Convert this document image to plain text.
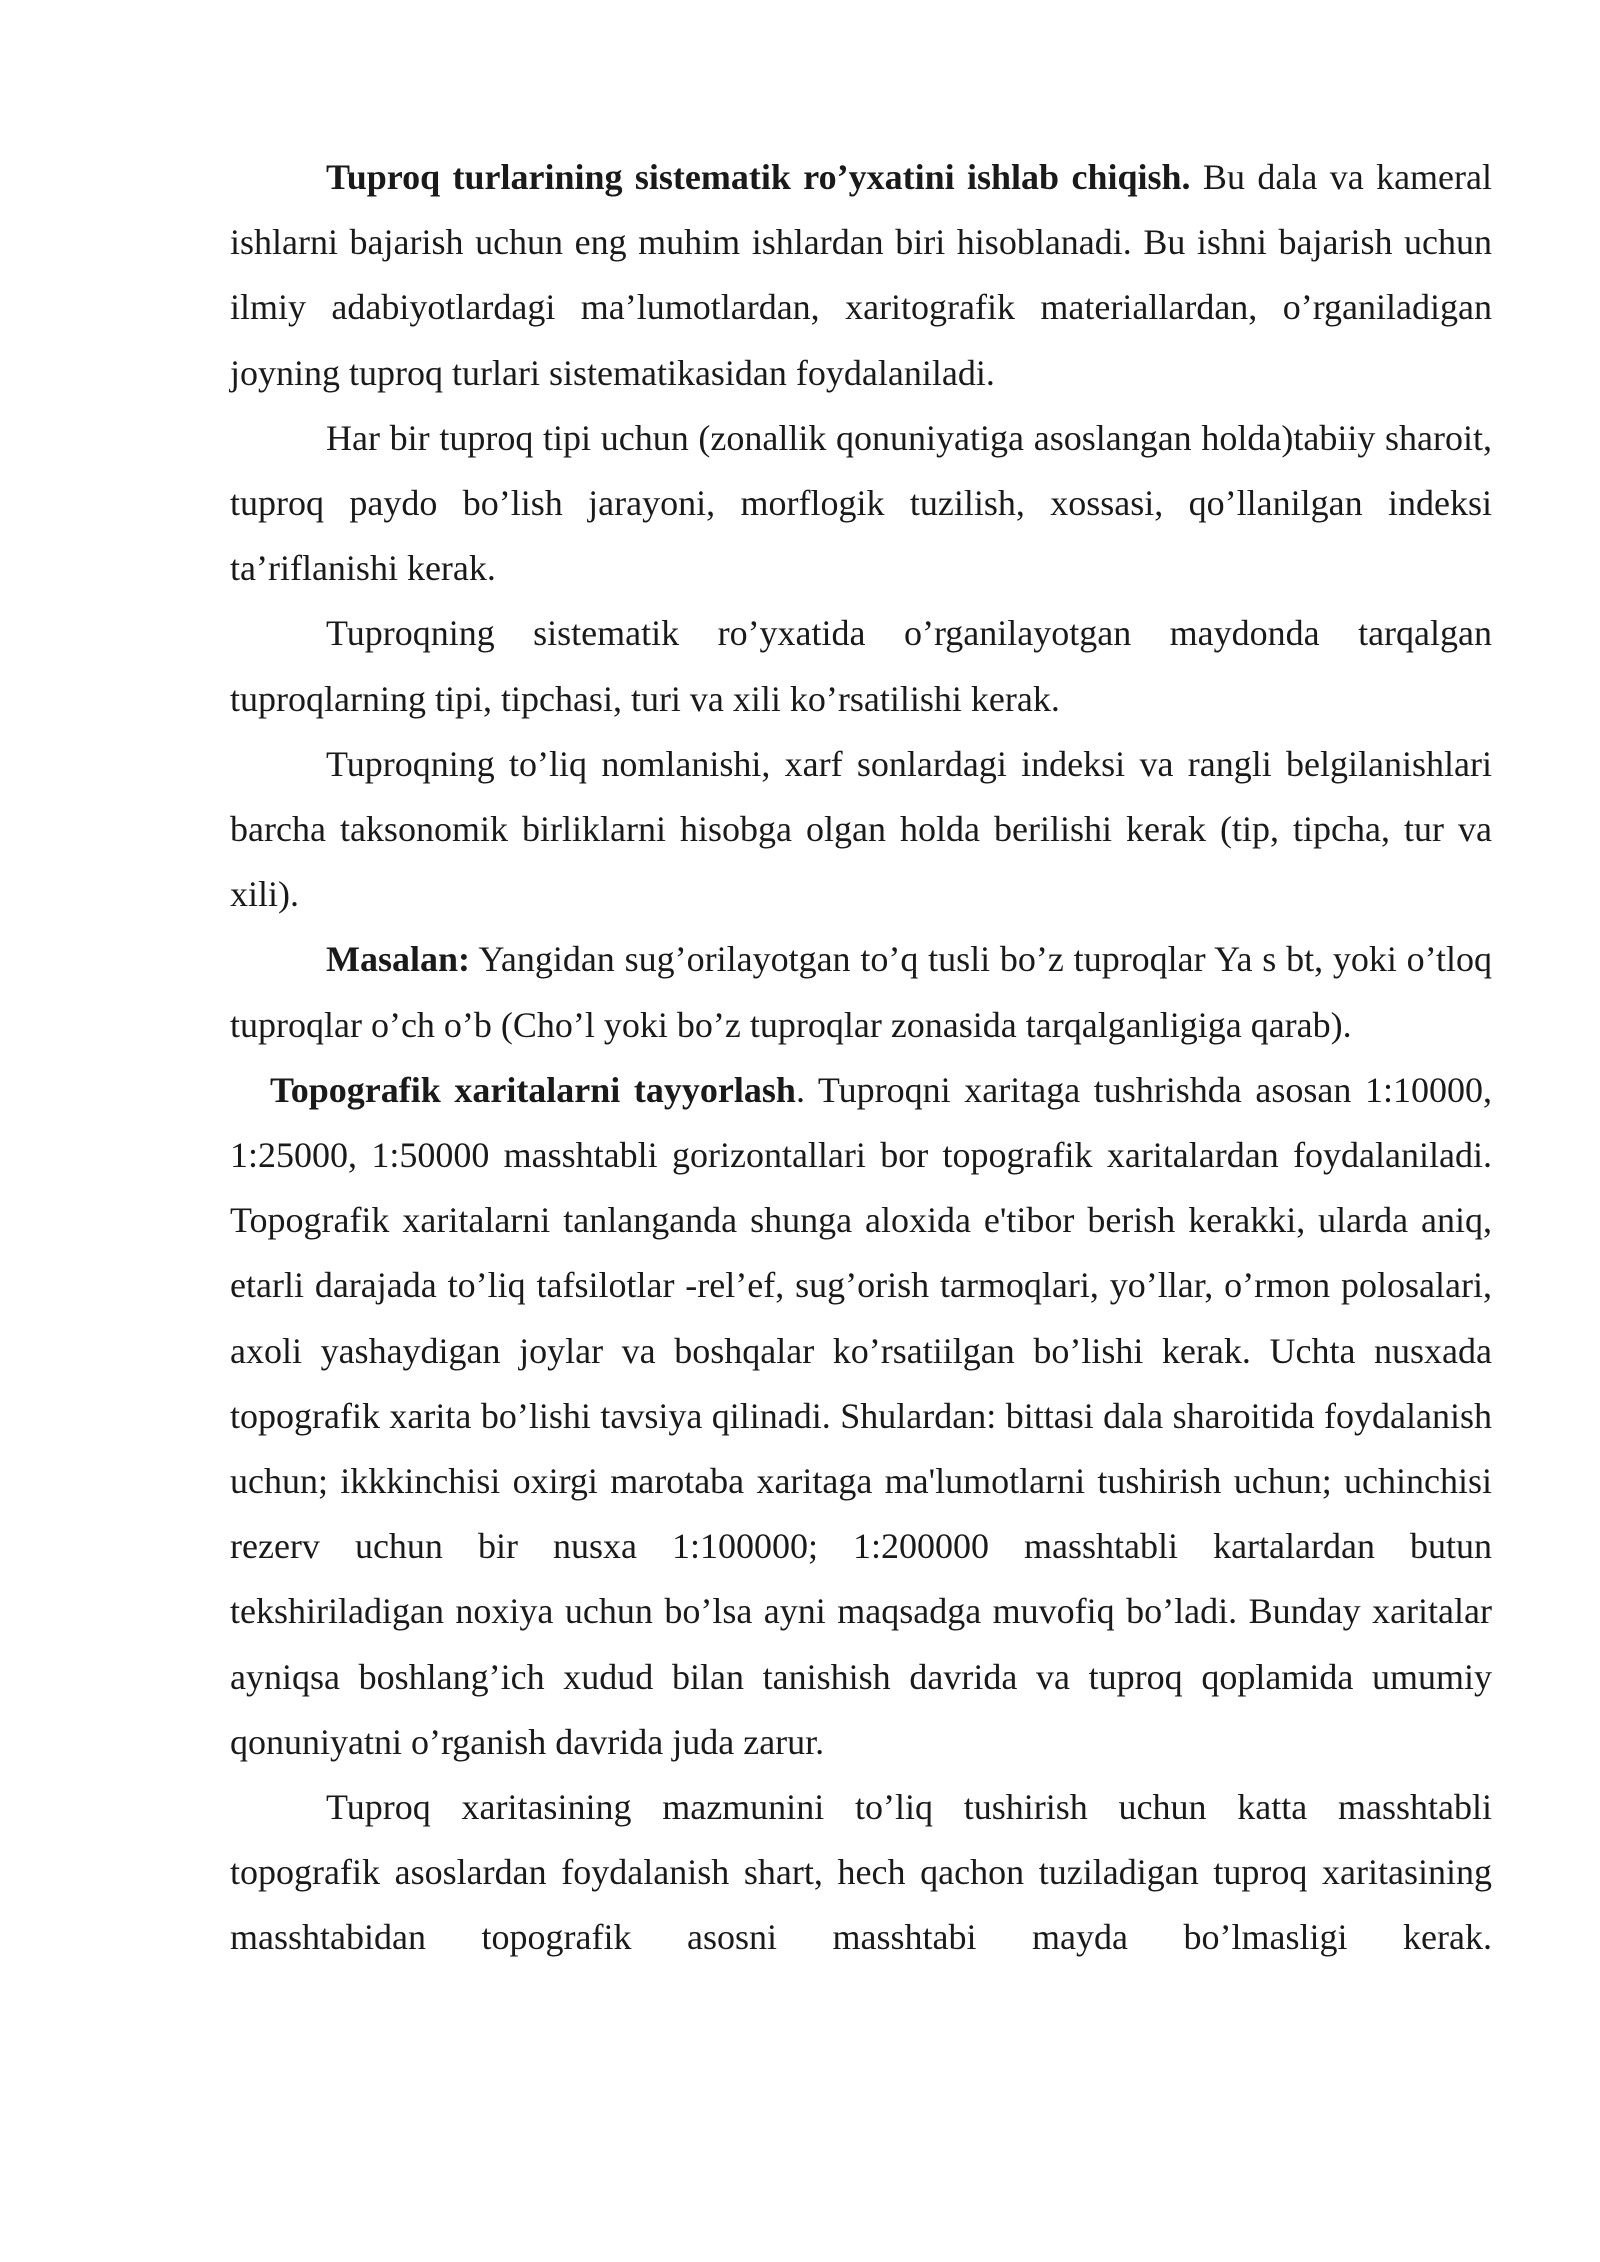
Tuproq turlarining sistematik ro’yxatini ishlab chiqish. Bu dala va kameral ishlarni bajarish uchun eng muhim ishlardan biri hisoblanadi. Bu ishni bajarish uchun ilmiy adabiyotlardagi ma’lumotlardan, xaritografik materiallardan, o’rganiladigan joyning tuproq turlari sistematikasidan foydalaniladi.

Har bir tuproq tipi uchun (zonallik qonuniyatiga asoslangan holda)tabiiy sharoit, tuproq paydo bo’lish jarayoni, morflogik tuzilish, xossasi, qo’llanilgan indeksi ta’riflanishi kerak.

Tuproqning sistematik ro’yxatida o’rganilayotgan maydonda tarqalgan tuproqlarning tipi, tipchasi, turi va xili ko’rsatilishi kerak.

Tuproqning to’liq nomlanishi, xarf sonlardagi indeksi va rangli belgilanishlari barcha taksonomik birliklarni hisobga olgan holda berilishi kerak (tip, tipcha, tur va xili).

Masalan: Yangidan sug’orilayotgan to’q tusli bo’z tuproqlar Ya s bt, yoki o’tloq tuproqlar o’ch o’b (Cho’l yoki bo’z tuproqlar zonasida tarqalganligiga qarab).

Topografik xaritalarni tayyorlash. Tuproqni xaritaga tushrishda asosan 1:10000, 1:25000, 1:50000 masshtabli gorizontallari bor topografik xaritalardan foydalaniladi. Topografik xaritalarni tanlanganda shunga aloxida e'tibor berish kerakki, ularda aniq, etarli darajada to’liq tafsilotlar -rel’ef, sug’orish tarmoqlari, yo’llar, o’rmon polosalari, axoli yashaydigan joylar va boshqalar ko’rsatiilgan bo’lishi kerak. Uchta nusxada topografik xarita bo’lishi tavsiya qilinadi. Shulardan: bittasi dala sharoitida foydalanish uchun; ikkkinchisi oxirgi marotaba xaritaga ma'lumotlarni tushirish uchun; uchinchisi rezerv uchun bir nusxa 1:100000; 1:200000 masshtabli kartalardan butun tekshiriladigan noxiya uchun bo’lsa ayni maqsadga muvofiq bo’ladi. Bunday xaritalar ayniqsa boshlang’ich xudud bilan tanishish davrida va tuproq qoplamida umumiy qonuniyatni o’rganish davrida juda zarur.

Tuproq xaritasining mazmunini to’liq tushirish uchun katta masshtabli topografik asoslardan foydalanish shart, hech qachon tuziladigan tuproq xaritasining masshtabidan topografik asosni masshtabi mayda bo’lmasligi kerak.
